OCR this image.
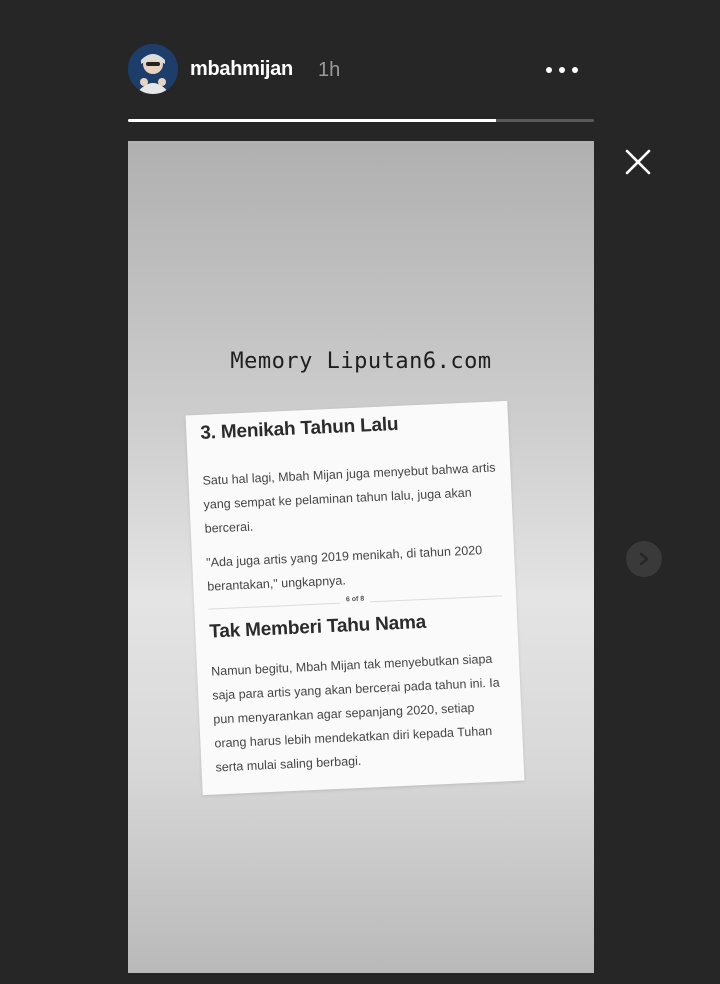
mbahmijan 1h
Memory Liputan6.com
3. Menikah Tahun Lalu

Satu hal lagi, Mbah Mijan juga menyebut bahwa artis yang sempat ke pelaminan tahun lalu, juga akan bercerai.

"Ada juga artis yang 2019 menikah, di tahun 2020 berantakan," ungkapnya.

6 of 8
Tak Memberi Tahu Nama

Namun begitu, Mbah Mijan tak menyebutkan siapa saja para artis yang akan bercerai pada tahun ini. Ia pun menyarankan agar sepanjang 2020, setiap orang harus lebih mendekatkan diri kepada Tuhan serta mulai saling berbagi.
